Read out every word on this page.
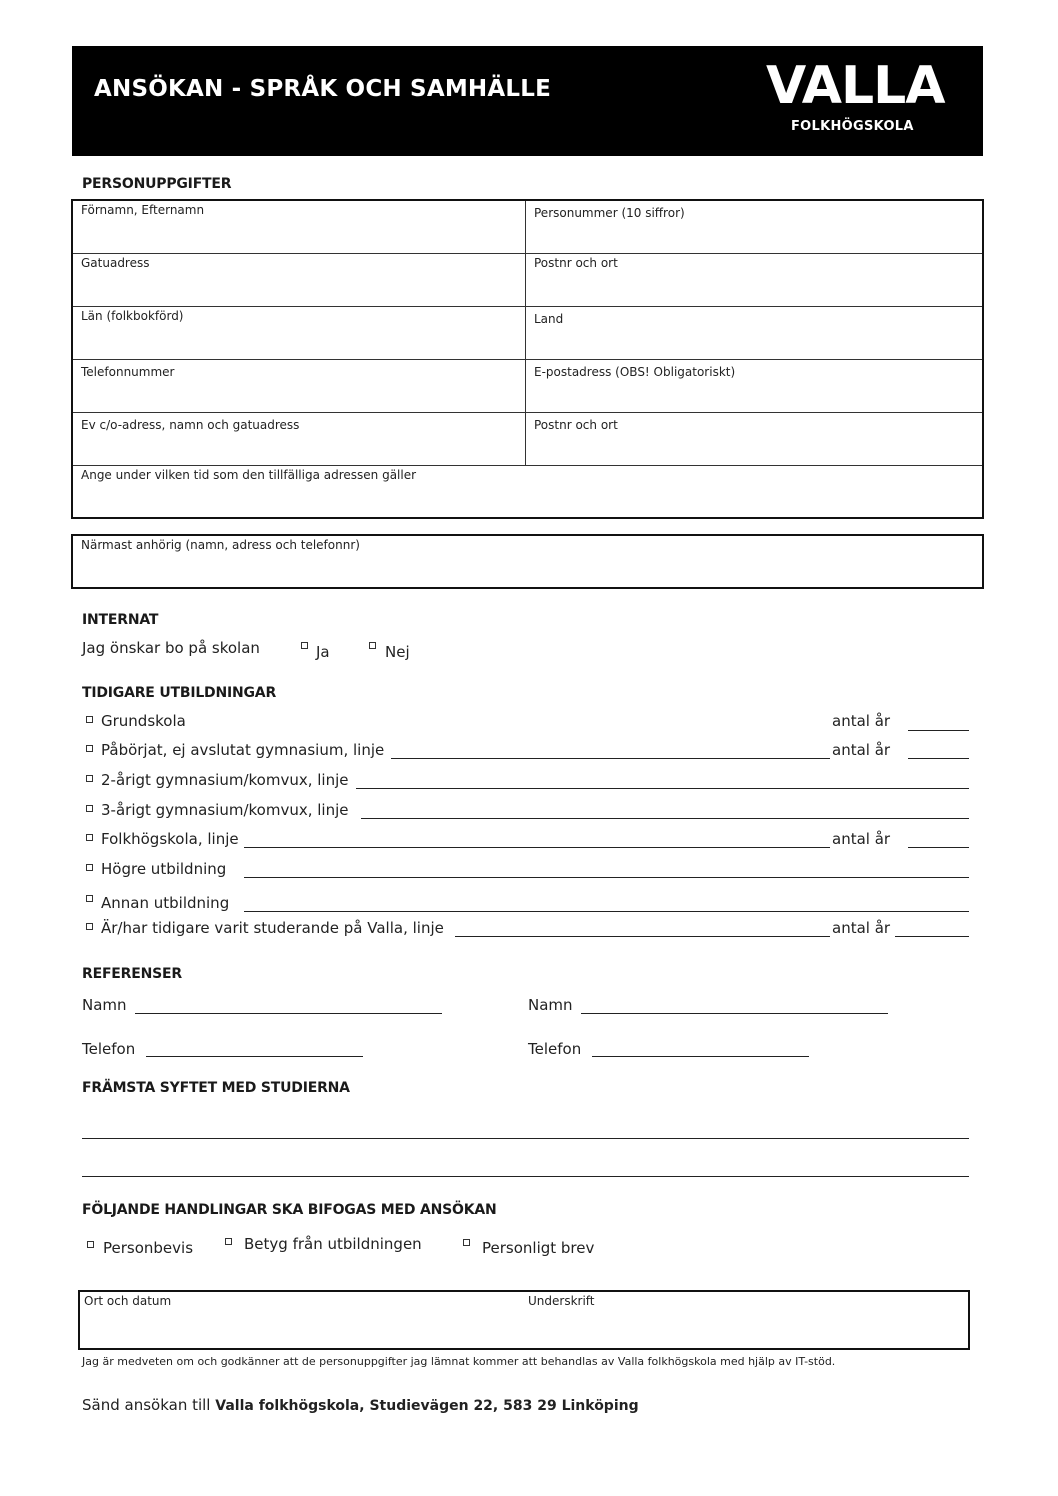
ANSÖKAN - SPRÅK OCH SAMHÄLLE	VALLA
FOLKHÖGSKOLA
PERSONUPPGIFTER
Förnamn, Efternamn	Personummer (10 siffror)
Gatuadress	Postnr och ort
Län (folkbokförd)	Land
Telefonnummer	E-postadress (OBS! Obligatoriskt)
Ev c/o-adress, namn och gatuadress	Postnr och ort
Ange under vilken tid som den tillfälliga adressen gäller
Närmast anhörig (namn, adress och telefonnr)
INTERNAT
Jag önskar bo på skolan	Ja	Nej
TIDIGARE UTBILDNINGAR
Grundskola	antal år
Påbörjat, ej avslutat gymnasium, linje	antal år
2-årigt gymnasium/komvux, linje
3-årigt gymnasium/komvux, linje
Folkhögskola, linje	antal år
Högre utbildning
Annan utbildning
Är/har tidigare varit studerande på Valla, linje	antal år
REFERENSER
Namn	Namn
Telefon	Telefon
FRÄMSTA SYFTET MED STUDIERNA
FÖLJANDE HANDLINGAR SKA BIFOGAS MED ANSÖKAN
Personbevis	Betyg från utbildningen	Personligt brev
Ort och datum	Underskrift
Jag är medveten om och godkänner att de personuppgifter jag lämnat kommer att behandlas av Valla folkhögskola med hjälp av IT-stöd.
Sänd ansökan till Valla folkhögskola, Studievägen 22, 583 29 Linköping
